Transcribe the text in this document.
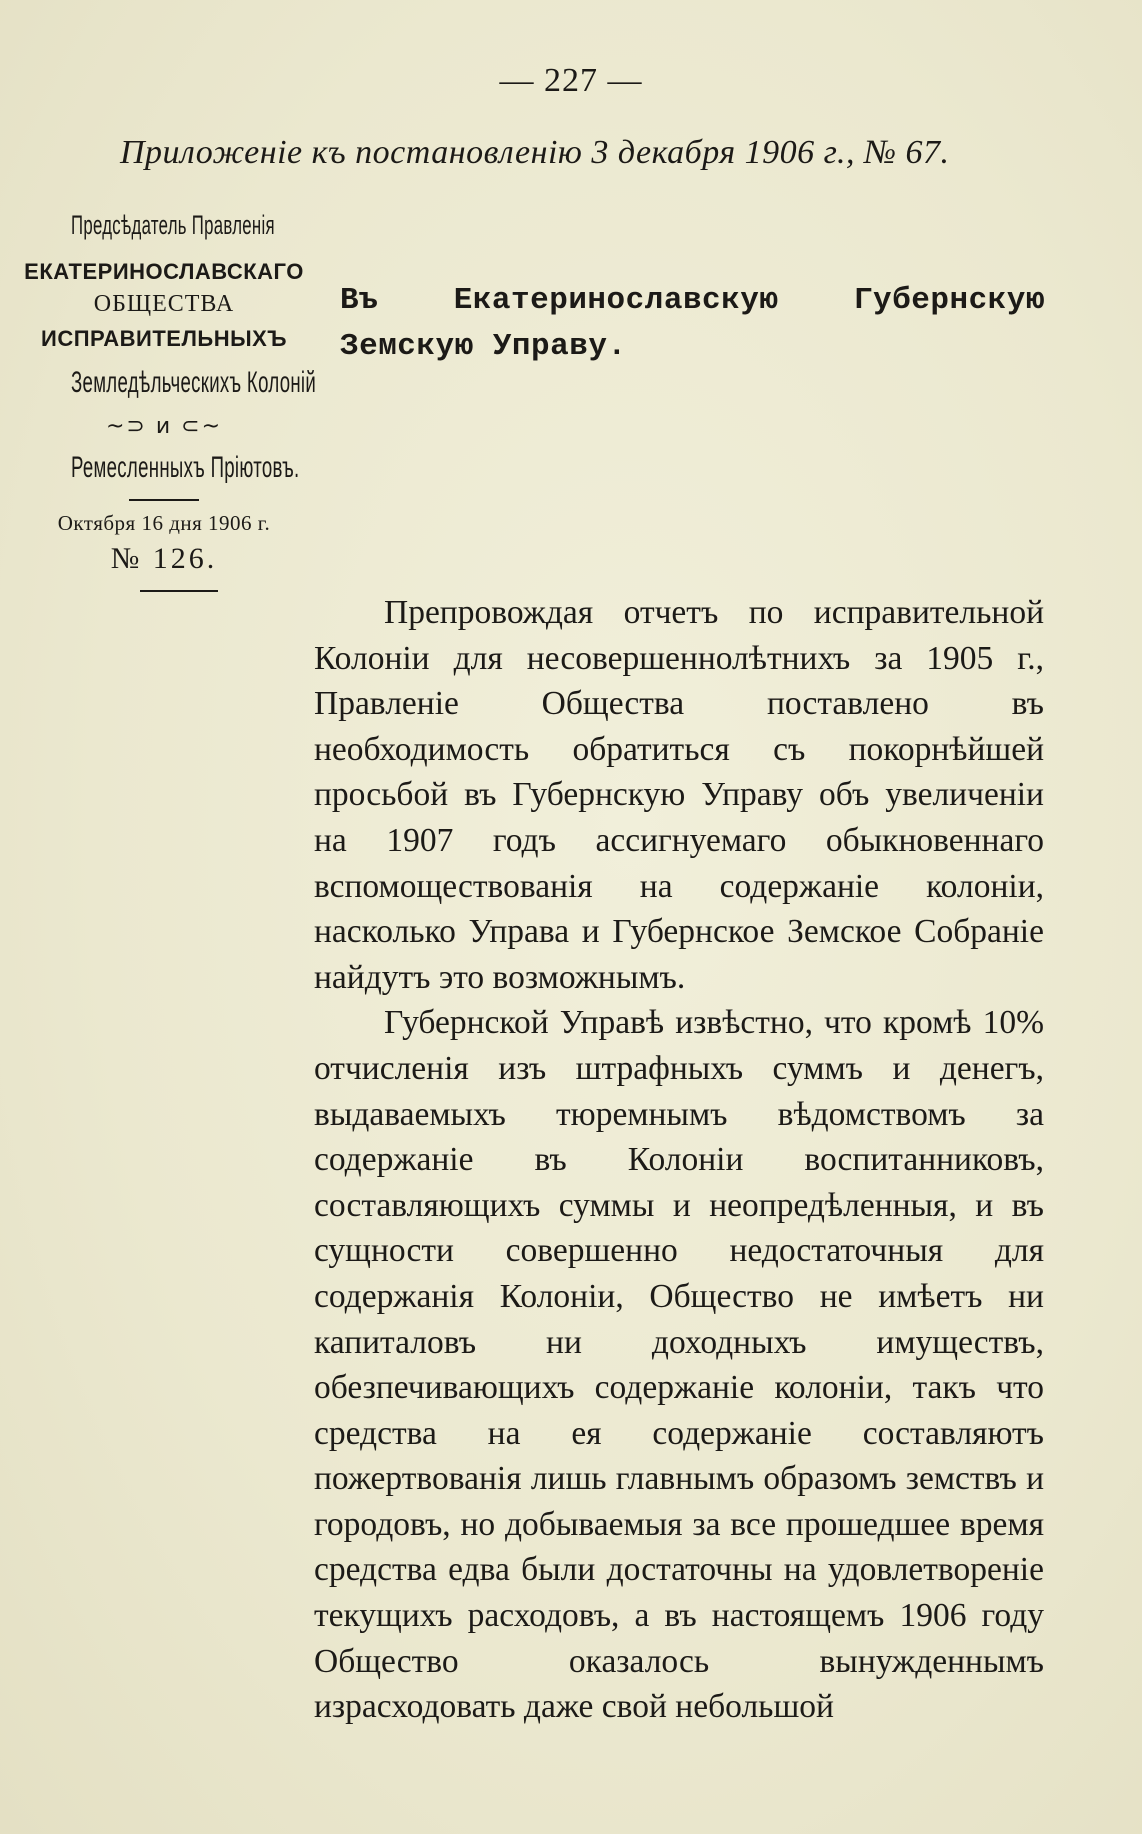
— 227 —
Приложенiе къ постановленiю 3 декабря 1906 г., № 67.
Предсѣдатель Правленiя
ЕКАТЕРИНОСЛАВСКАГО
ОБЩЕСТВА
ИСПРАВИТЕЛЬНЫХЪ
Земледѣльческихъ Колонiй
~⊃ и ⊂~
Ремесленныхъ Прiютовъ.
Октября 16 дня 1906 г.
№ 126.
Въ Екатеринославскую Губернскую
Земскую Управу.

Препровождая отчетъ по исправительной Колонiи для несовершеннолѣтнихъ за 1905 г., Правленiе Общества поставлено въ необходимость обратиться съ покорнѣйшей просьбой въ Губернскую Управу объ увеличенiи на 1907 годъ ассигнуемаго обыкновеннаго вспомоществованiя на содержанiе колонiи, насколько Управа и Губернское Земское Собранiе найдутъ это возможнымъ.

Губернской Управѣ извѣстно, что кромѣ 10% отчисленiя изъ штрафныхъ суммъ и денегъ, выдаваемыхъ тюремнымъ вѣдомствомъ за содержанiе въ Колонiи воспитанниковъ, составляющихъ суммы и неопредѣленныя, и въ сущности совершенно недостаточныя для содержанiя Колонiи, Общество не имѣетъ ни капиталовъ ни доходныхъ имуществъ, обезпечивающихъ содержанiе колонiи, такъ что средства на ея содержанiе составляютъ пожертвованiя лишь главнымъ образомъ земствъ и городовъ, но добываемыя за все прошедшее время средства едва были достаточны на удовлетворенiе текущихъ расходовъ, а въ настоящемъ 1906 году Общество оказалось вынужденнымъ израсходовать даже свой небольшой
